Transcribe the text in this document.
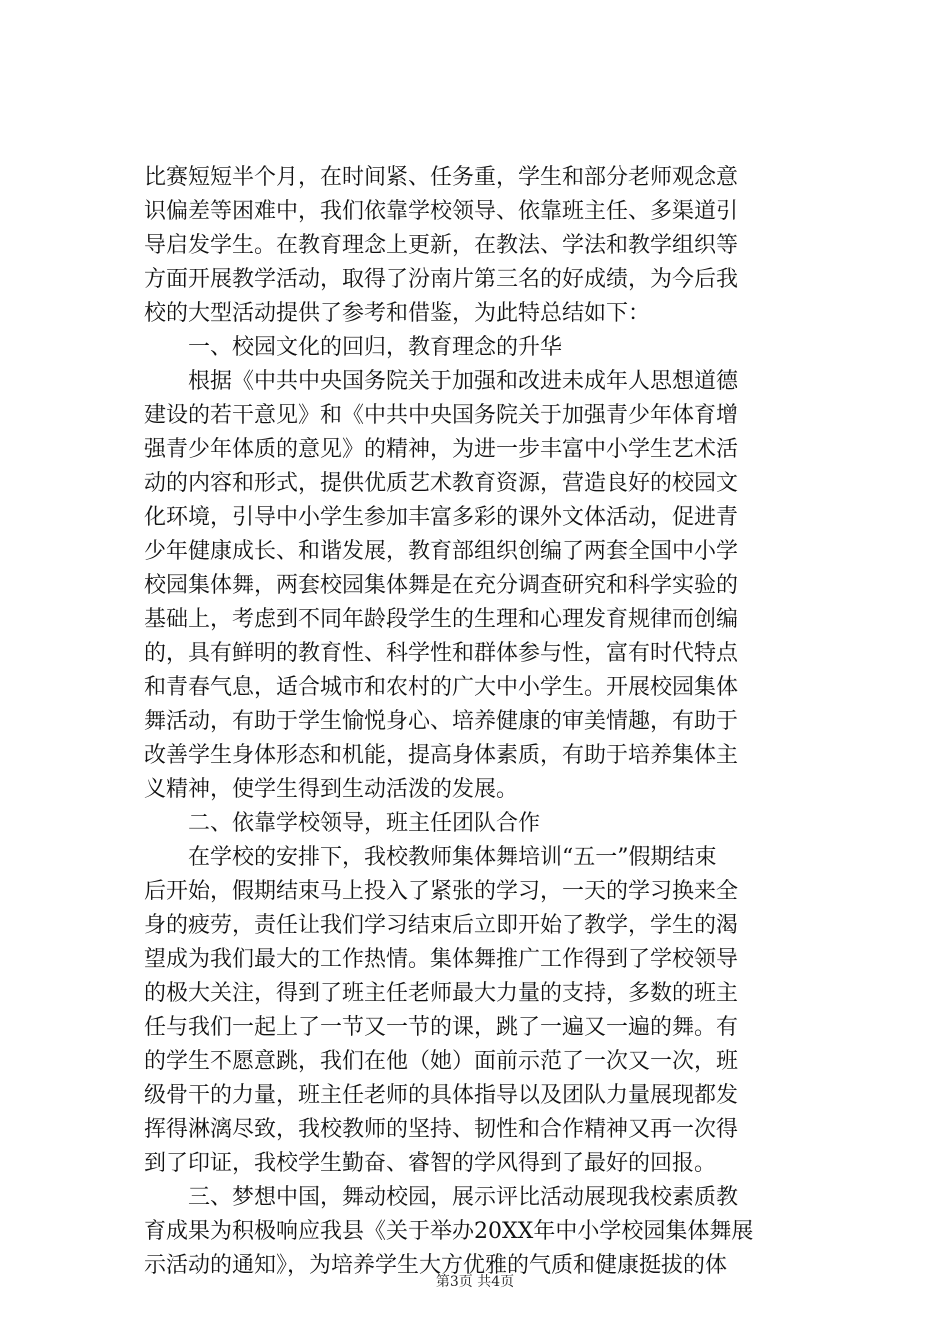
比赛短短半个月，在时间紧、任务重，学生和部分老师观念意
识偏差等困难中，我们依靠学校领导、依靠班主任、多渠道引
导启发学生。在教育理念上更新，在教法、学法和教学组织等
方面开展教学活动，取得了汾南片第三名的好成绩，为今后我
校的大型活动提供了参考和借鉴，为此特总结如下：
　　一、校园文化的回归，教育理念的升华
　　根据《中共中央国务院关于加强和改进未成年人思想道德
建设的若干意见》和《中共中央国务院关于加强青少年体育增
强青少年体质的意见》的精神，为进一步丰富中小学生艺术活
动的内容和形式，提供优质艺术教育资源，营造良好的校园文
化环境，引导中小学生参加丰富多彩的课外文体活动，促进青
少年健康成长、和谐发展，教育部组织创编了两套全国中小学
校园集体舞，两套校园集体舞是在充分调查研究和科学实验的
基础上，考虑到不同年龄段学生的生理和心理发育规律而创编
的，具有鲜明的教育性、科学性和群体参与性，富有时代特点
和青春气息，适合城市和农村的广大中小学生。开展校园集体
舞活动，有助于学生愉悦身心、培养健康的审美情趣，有助于
改善学生身体形态和机能，提高身体素质，有助于培养集体主
义精神，使学生得到生动活泼的发展。
　　二、依靠学校领导，班主任团队合作
　　在学校的安排下，我校教师集体舞培训“五一”假期结束
后开始，假期结束马上投入了紧张的学习，一天的学习换来全
身的疲劳，责任让我们学习结束后立即开始了教学，学生的渴
望成为我们最大的工作热情。集体舞推广工作得到了学校领导
的极大关注，得到了班主任老师最大力量的支持，多数的班主
任与我们一起上了一节又一节的课，跳了一遍又一遍的舞。有
的学生不愿意跳，我们在他（她）面前示范了一次又一次，班
级骨干的力量，班主任老师的具体指导以及团队力量展现都发
挥得淋漓尽致，我校教师的坚持、韧性和合作精神又再一次得
到了印证，我校学生勤奋、睿智的学风得到了最好的回报。
　　三、梦想中国，舞动校园，展示评比活动展现我校素质教
育成果为积极响应我县《关于举办20XX年中小学校园集体舞展
示活动的通知》，为培养学生大方优雅的气质和健康挺拔的体
第3页 共4页
